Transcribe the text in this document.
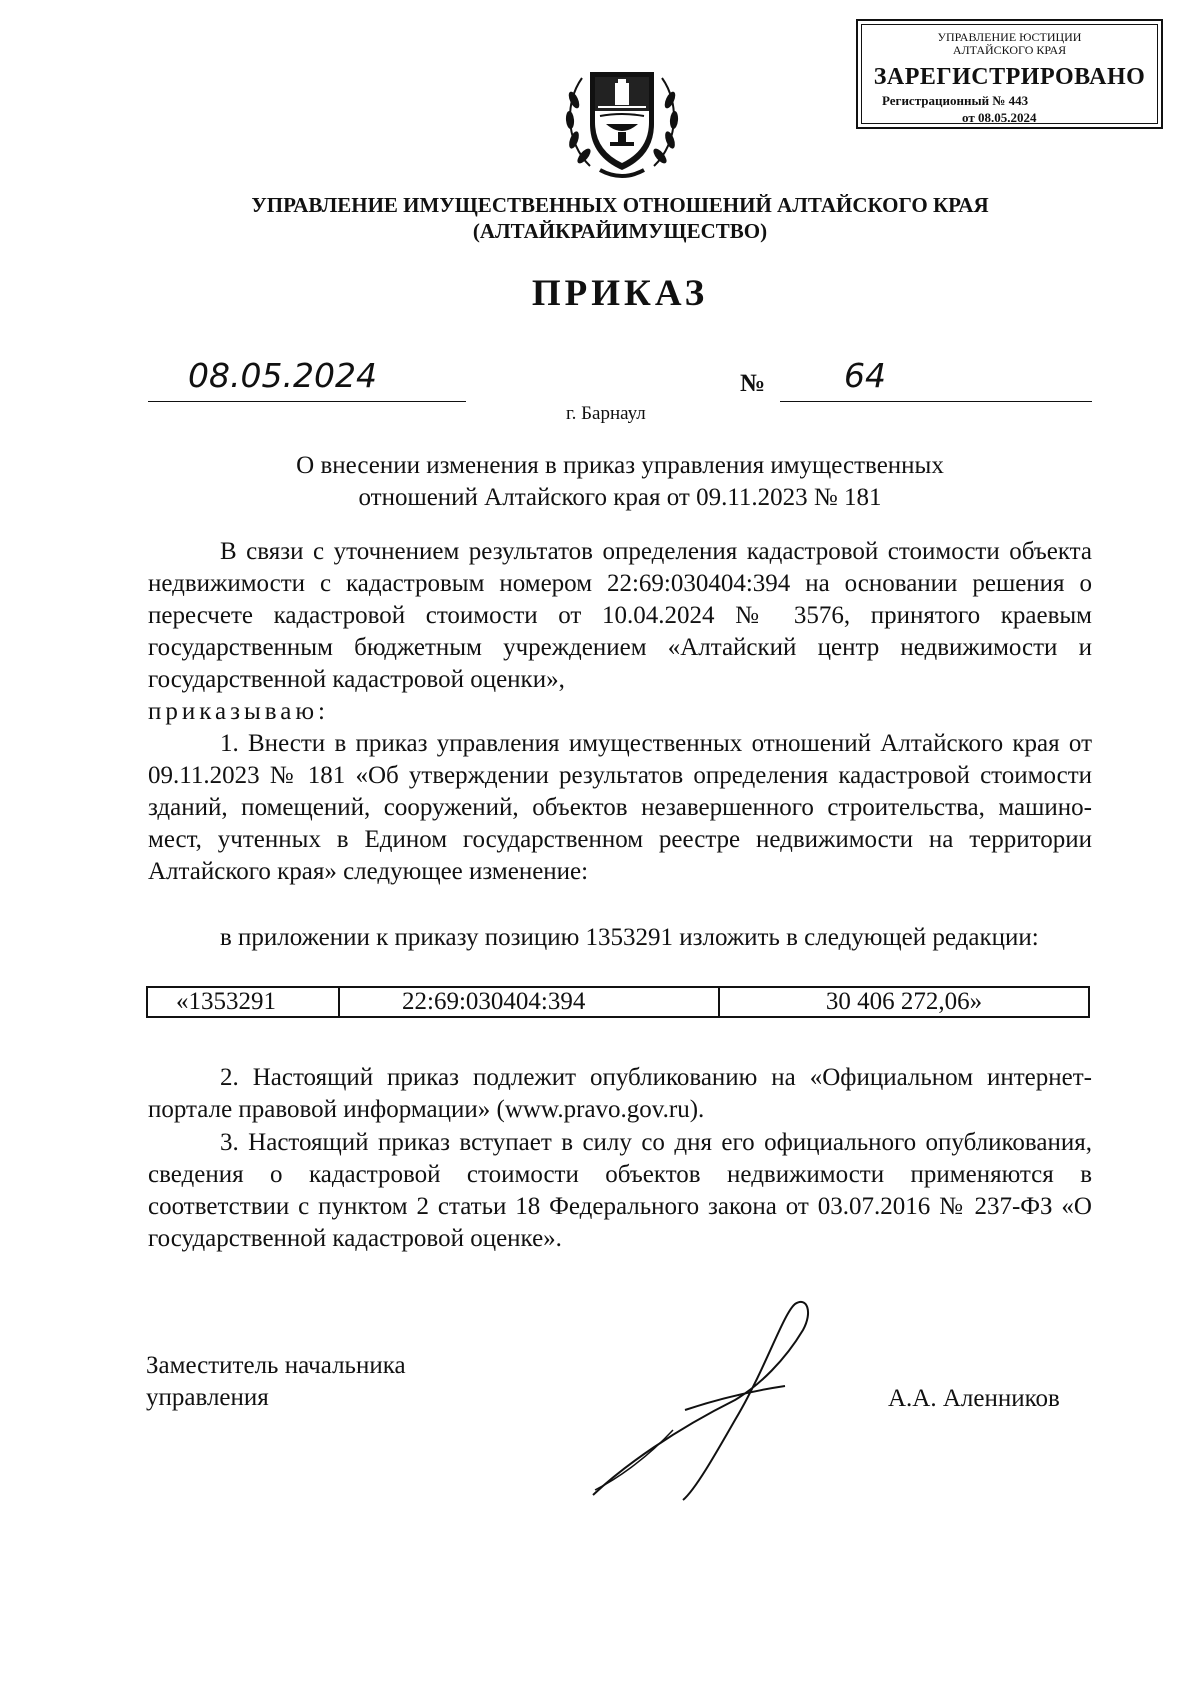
УПРАВЛЕНИЕ ЮСТИЦИИ
АЛТАЙСКОГО КРАЯ
ЗАРЕГИСТРИРОВАНО
Регистрационный № 443
от 08.05.2024
УПРАВЛЕНИЕ ИМУЩЕСТВЕННЫХ ОТНОШЕНИЙ АЛТАЙСКОГО КРАЯ
(АЛТАЙКРАЙИМУЩЕСТВО)
ПРИКАЗ
08.05.2024	№ 64
г. Барнаул
О внесении изменения в приказ управления имущественных
отношений Алтайского края от 09.11.2023 № 181
В связи с уточнением результатов определения кадастровой стоимости объекта недвижимости с кадастровым номером 22:69:030404:394 на основании решения о пересчете кадастровой стоимости от 10.04.2024 № 3576, принятого краевым государственным бюджетным учреждением «Алтайский центр недвижимости и государственной кадастровой оценки»,
приказываю:
1. Внести в приказ управления имущественных отношений Алтайского края от 09.11.2023 № 181 «Об утверждении результатов определения кадастровой стоимости зданий, помещений, сооружений, объектов незавершенного строительства, машино-мест, учтенных в Едином государственном реестре недвижимости на территории Алтайского края» следующее изменение:
в приложении к приказу позицию 1353291 изложить в следующей редакции:
«1353291	22:69:030404:394	30 406 272,06»
2. Настоящий приказ подлежит опубликованию на «Официальном интернет-портале правовой информации» (www.pravo.gov.ru).
3. Настоящий приказ вступает в силу со дня его официального опубликования, сведения о кадастровой стоимости объектов недвижимости применяются в соответствии с пунктом 2 статьи 18 Федерального закона от 03.07.2016 № 237-ФЗ «О государственной кадастровой оценке».
Заместитель начальника
управления	А.А. Аленников
